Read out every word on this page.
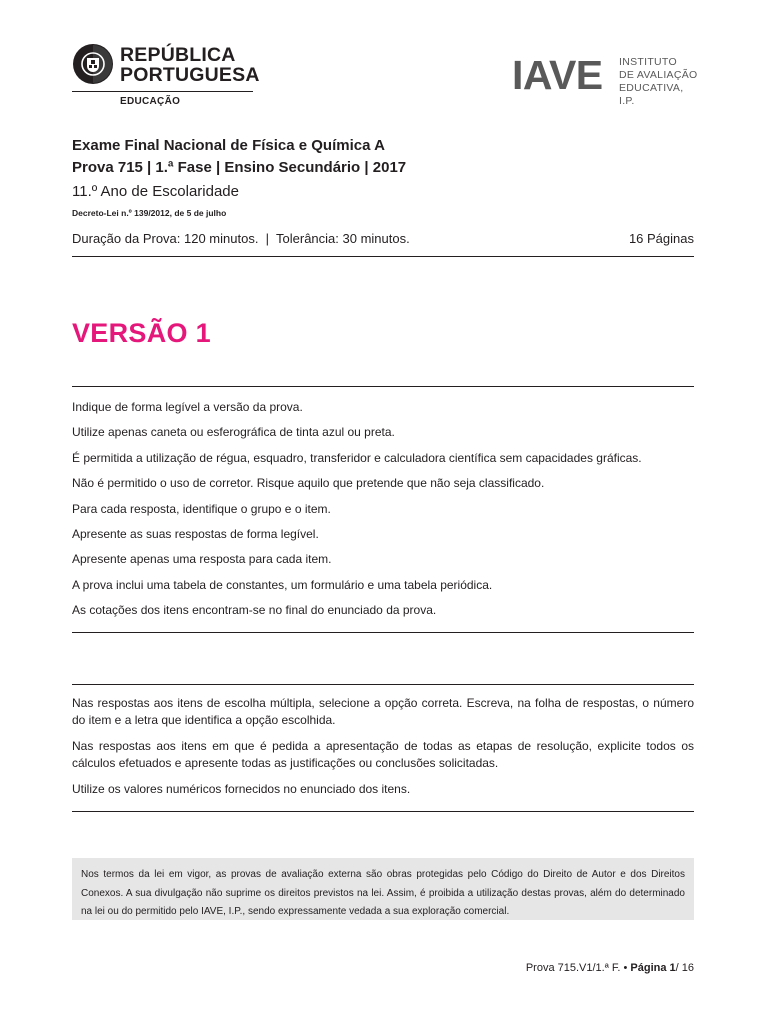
REPÚBLICA
PORTUGUESA
EDUCAÇÃO
IAVE INSTITUTO
DE AVALIAÇÃO
EDUCATIVA, I.P.
Exame Final Nacional de Física e Química A
Prova 715 | 1.ª Fase | Ensino Secundário | 2017
11.º Ano de Escolaridade
Decreto-Lei n.º 139/2012, de 5 de julho
Duração da Prova: 120 minutos.  |  Tolerância: 30 minutos.	16 Páginas
VERSÃO 1

Indique de forma legível a versão da prova.

Utilize apenas caneta ou esferográfica de tinta azul ou preta.

É permitida a utilização de régua, esquadro, transferidor e calculadora científica sem capacidades gráficas.

Não é permitido o uso de corretor. Risque aquilo que pretende que não seja classificado.

Para cada resposta, identifique o grupo e o item.

Apresente as suas respostas de forma legível.

Apresente apenas uma resposta para cada item.

A prova inclui uma tabela de constantes, um formulário e uma tabela periódica.

As cotações dos itens encontram-se no final do enunciado da prova.

Nas respostas aos itens de escolha múltipla, selecione a opção correta. Escreva, na folha de respostas, o número do item e a letra que identifica a opção escolhida.

Nas respostas aos itens em que é pedida a apresentação de todas as etapas de resolução, explicite todos os cálculos efetuados e apresente todas as justificações ou conclusões solicitadas.

Utilize os valores numéricos fornecidos no enunciado dos itens.

Nos termos da lei em vigor, as provas de avaliação externa são obras protegidas pelo Código do Direito de Autor e dos Direitos Conexos. A sua divulgação não suprime os direitos previstos na lei. Assim, é proibida a utilização destas provas, além do determinado na lei ou do permitido pelo IAVE, I.P., sendo expressamente vedada a sua exploração comercial.
Prova 715.V1/1.ª F. • Página 1/ 16
